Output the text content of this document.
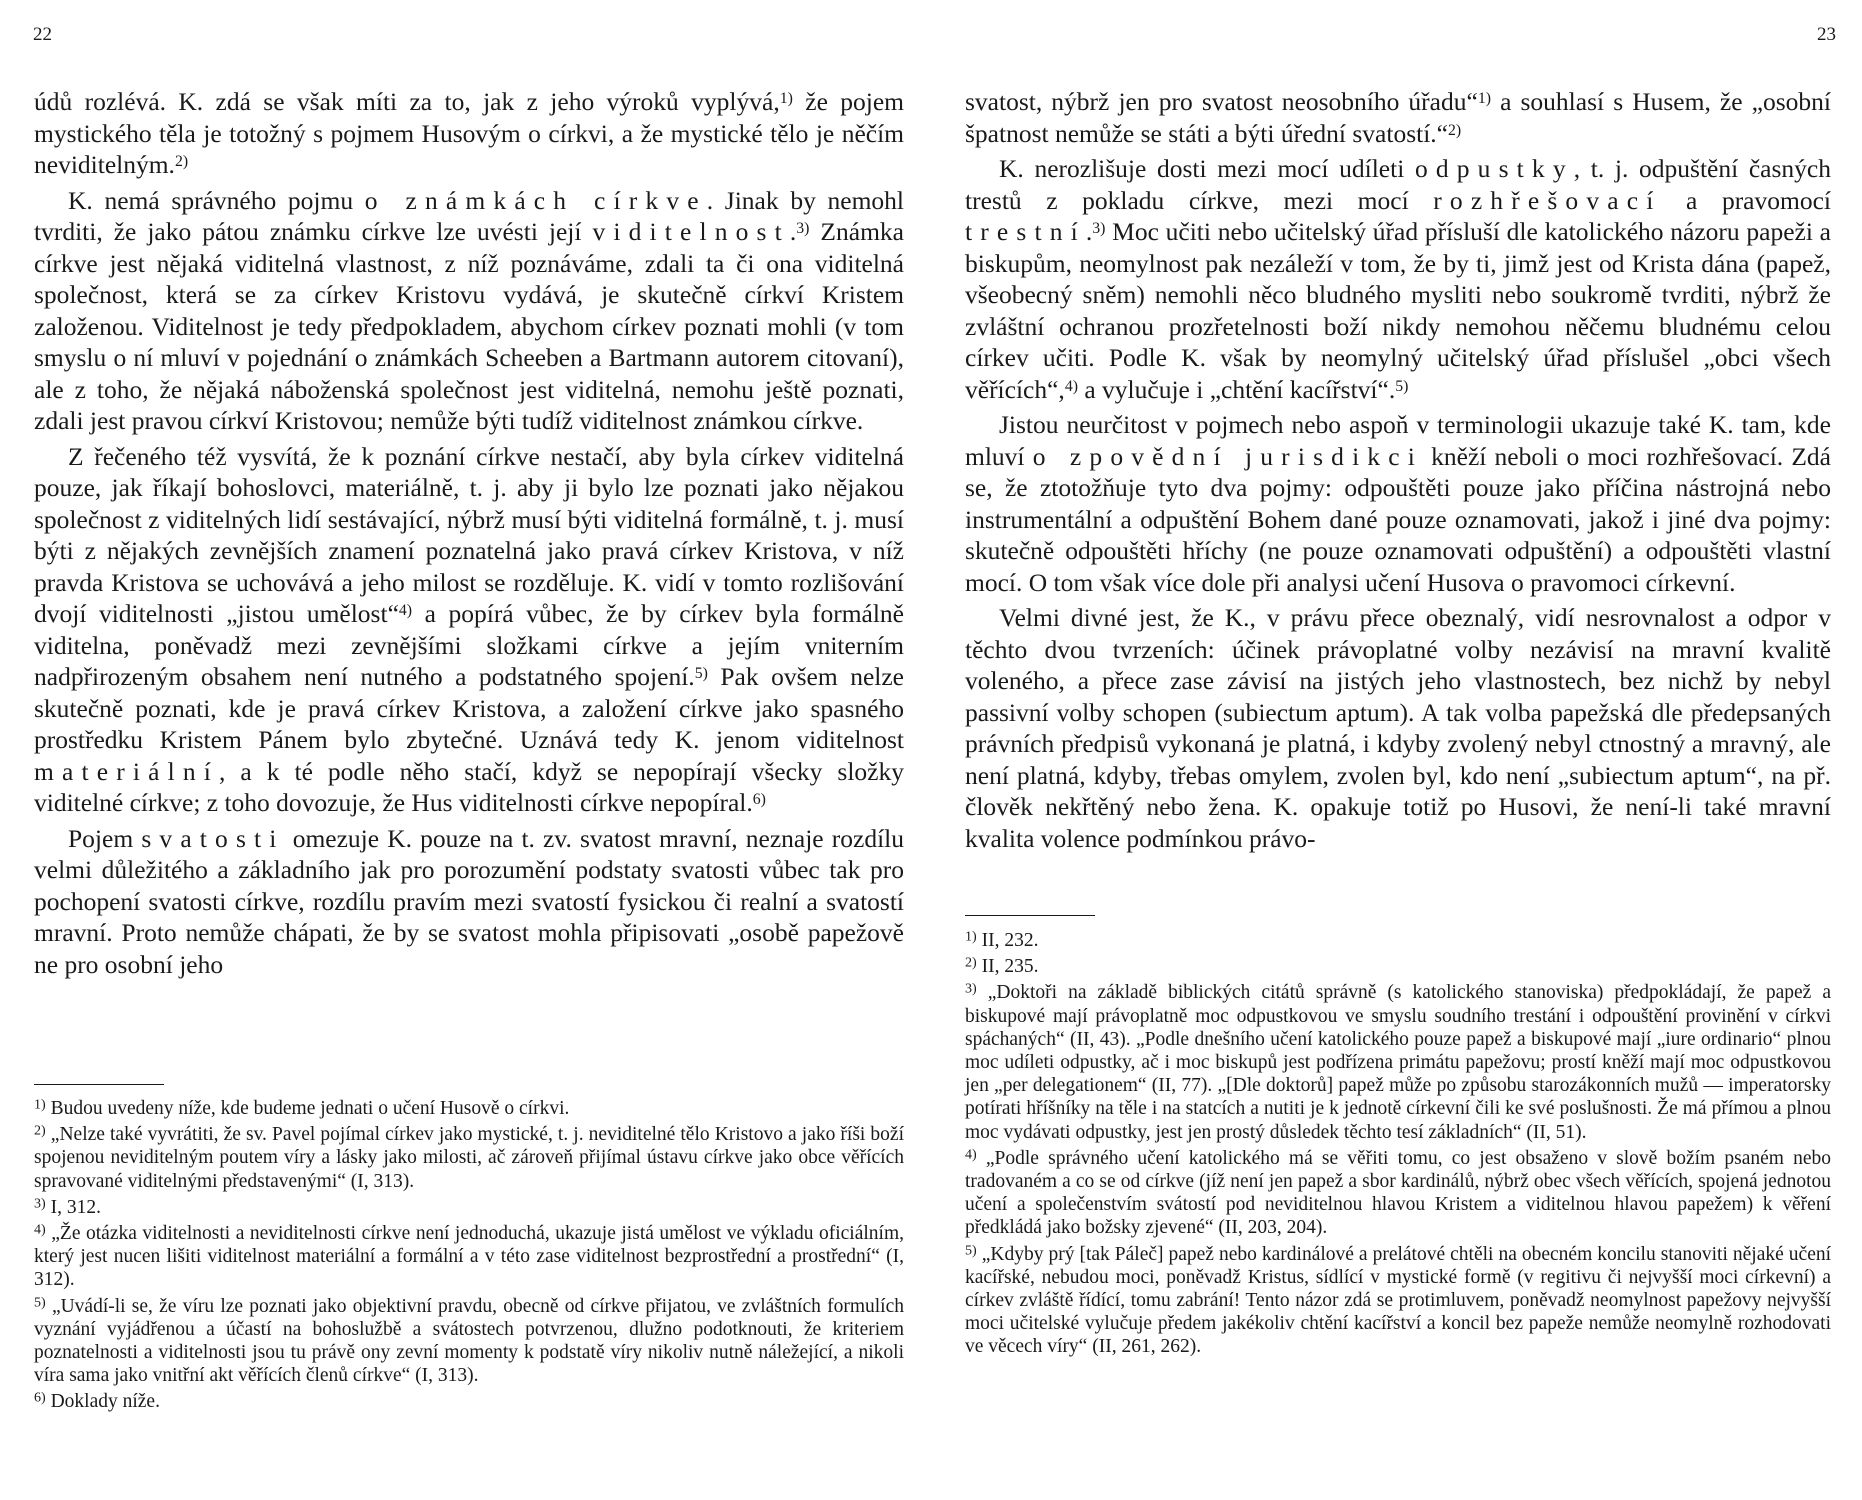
22

údů rozlévá. K. zdá se však míti za to, jak z jeho výroků vyplývá,$^{1)}$ že pojem mystického těla je totožný s pojmem Husovým o církvi, a že mystické tělo je něčím neviditelným.$^{2)}$

K. nemá správného pojmu o známkách církve. Jinak by nemohl tvrditi, že jako pátou známku církve lze uvésti její viditelnost.$^{3)}$ Známka církve jest nějaká viditelná vlastnost, z níž poznáváme, zdali ta či ona viditelná společnost, která se za církev Kristovu vydává, je skutečně církví Kristem založenou. Viditelnost je tedy předpokladem, abychom církev poznati mohli (v tom smyslu o ní mluví v pojednání o známkách Scheeben a Bartmann autorem citovaní), ale z toho, že nějaká náboženská společnost jest viditelná, nemohu ještě poznati, zdali jest pravou církví Kristovou; nemůže býti tudíž viditelnost známkou církve.

Z řečeného též vysvítá, že k poznání církve nestačí, aby byla církev viditelná pouze, jak říkají bohoslovci, materiálně, t. j. aby ji bylo lze poznati jako nějakou společnost z viditelných lidí sestávající, nýbrž musí býti viditelná formálně, t. j. musí býti z nějakých zevnějších znamení poznatelná jako pravá církev Kristova, v níž pravda Kristova se uchovává a jeho milost se rozděluje. K. vidí v tomto rozlišování dvojí viditelnosti „jistou umělost“$^{4)}$ a popírá vůbec, že by církev byla formálně viditelna, poněvadž mezi zevnějšími složkami církve a jejím vniterním nadpřirozeným obsahem není nutného a podstatného spojení.$^{5)}$ Pak ovšem nelze skutečně poznati, kde je pravá církev Kristova, a založení církve jako spasného prostředku Kristem Pánem bylo zbytečné. Uznává tedy K. jenom viditelnost materiální, a k té podle něho stačí, když se nepopírají všecky složky viditelné církve; z toho dovozuje, že Hus viditelnosti církve nepopíral.$^{6)}$

Pojem svatosti omezuje K. pouze na t. zv. svatost mravní, neznaje rozdílu velmi důležitého a základního jak pro porozumění podstaty svatosti vůbec tak pro pochopení svatosti církve, rozdílu pravím mezi svatostí fysickou či realní a svatostí mravní. Proto nemůže chápati, že by se svatost mohla připisovati „osobě papežově ne pro osobní jeho

$^{1)}$ Budou uvedeny níže, kde budeme jednati o učení Husově o církvi.

$^{2)}$ „Nelze také vyvrátiti, že sv. Pavel pojímal církev jako mystické, t. j. neviditelné tělo Kristovo a jako říši boží spojenou neviditelným poutem víry a lásky jako milosti, ač zároveň přijímal ústavu církve jako obce věřících spravované viditelnými představenými“ (I, 313).

$^{3)}$ I, 312.

$^{4)}$ „Že otázka viditelnosti a neviditelnosti církve není jednoduchá, ukazuje jistá umělost ve výkladu oficiálním, který jest nucen lišiti viditelnost materiální a formální a v této zase viditelnost bezprostřední a prostřední“ (I, 312).

$^{5)}$ „Uvádí-li se, že víru lze poznati jako objektivní pravdu, obecně od církve přijatou, ve zvláštních formulích vyznání vyjádřenou a účastí na bohoslužbě a svátostech potvrzenou, dlužno podotknouti, že kriteriem poznatelnosti a viditelnosti jsou tu právě ony zevní momenty k podstatě víry nikoliv nutně náležející, a nikoli víra sama jako vnitřní akt věřících členů církve“ (I, 313).

$^{6)}$ Doklady níže.

23

svatost, nýbrž jen pro svatost neosobního úřadu“$^{1)}$ a souhlasí s Husem, že „osobní špatnost nemůže se státi a býti úřední svatostí.“$^{2)}$

K. nerozlišuje dosti mezi mocí udíleti odpustky, t. j. odpuštění časných trestů z pokladu církve, mezi mocí rozhřešovací a pravomocí trestní.$^{3)}$ Moc učiti nebo učitelský úřad přísluší dle katolického názoru papeži a biskupům, neomylnost pak nezáleží v tom, že by ti, jimž jest od Krista dána (papež, všeobecný sněm) nemohli něco bludného mysliti nebo soukromě tvrditi, nýbrž že zvláštní ochranou prozřetelnosti boží nikdy nemohou něčemu bludnému celou církev učiti. Podle K. však by neomylný učitelský úřad příslušel „obci všech věřících“,$^{4)}$ a vylučuje i „chtění kacířství“.$^{5)}$

Jistou neurčitost v pojmech nebo aspoň v terminologii ukazuje také K. tam, kde mluví o zpovědní jurisdikci kněží neboli o moci rozhřešovací. Zdá se, že ztotožňuje tyto dva pojmy: odpouštěti pouze jako příčina nástrojná nebo instrumentální a odpuštění Bohem dané pouze oznamovati, jakož i jiné dva pojmy: skutečně odpouštěti hříchy (ne pouze oznamovati odpuštění) a odpouštěti vlastní mocí. O tom však více dole při analysi učení Husova o pravomoci církevní.

Velmi divné jest, že K., v právu přece obeznalý, vidí nesrovnalost a odpor v těchto dvou tvrzeních: účinek právoplatné volby nezávisí na mravní kvalitě voleného, a přece zase závisí na jistých jeho vlastnostech, bez nichž by nebyl passivní volby schopen (subiectum aptum). A tak volba papežská dle předepsaných právních předpisů vykonaná je platná, i kdyby zvolený nebyl ctnostný a mravný, ale není platná, kdyby, třebas omylem, zvolen byl, kdo není „subiectum aptum“, na př. člověk nekřtěný nebo žena. K. opakuje totiž po Husovi, že není-li také mravní kvalita volence podmínkou právo-

$^{1)}$ II, 232.

$^{2)}$ II, 235.

$^{3)}$ „Doktoři na základě biblických citátů správně (s katolického stanoviska) předpokládají, že papež a biskupové mají právoplatně moc odpustkovou ve smyslu soudního trestání i odpouštění provinění v církvi spáchaných“ (II, 43). „Podle dnešního učení katolického pouze papež a biskupové mají „iure ordinario“ plnou moc udíleti odpustky, ač i moc biskupů jest podřízena primátu papežovu; prostí kněží mají moc odpustkovou jen „per delegationem“ (II, 77). „[Dle doktorů] papež může po způsobu starozákonních mužů — imperatorsky potírati hříšníky na těle i na statcích a nutiti je k jednotě církevní čili ke své poslušnosti. Že má přímou a plnou moc vydávati odpustky, jest jen prostý důsledek těchto tesí základních“ (II, 51).

$^{4)}$ „Podle správného učení katolického má se věřiti tomu, co jest obsaženo v slově božím psaném nebo tradovaném a co se od církve (jíž není jen papež a sbor kardinálů, nýbrž obec všech věřících, spojená jednotou učení a společenstvím svátostí pod neviditelnou hlavou Kristem a viditelnou hlavou papežem) k věření předkládá jako božsky zjevené“ (II, 203, 204).

$^{5)}$ „Kdyby prý [tak Páleč] papež nebo kardinálové a prelátové chtěli na obecném koncilu stanoviti nějaké učení kacířské, nebudou moci, poněvadž Kristus, sídlící v mystické formě (v regitivu či nejvyšší moci církevní) a církev zvláště řídící, tomu zabrání! Tento názor zdá se protimluvem, poněvadž neomylnost papežovy nejvyšší moci učitelské vylučuje předem jakékoliv chtění kacířství a koncil bez papeže nemůže neomylně rozhodovati ve věcech víry“ (II, 261, 262).
